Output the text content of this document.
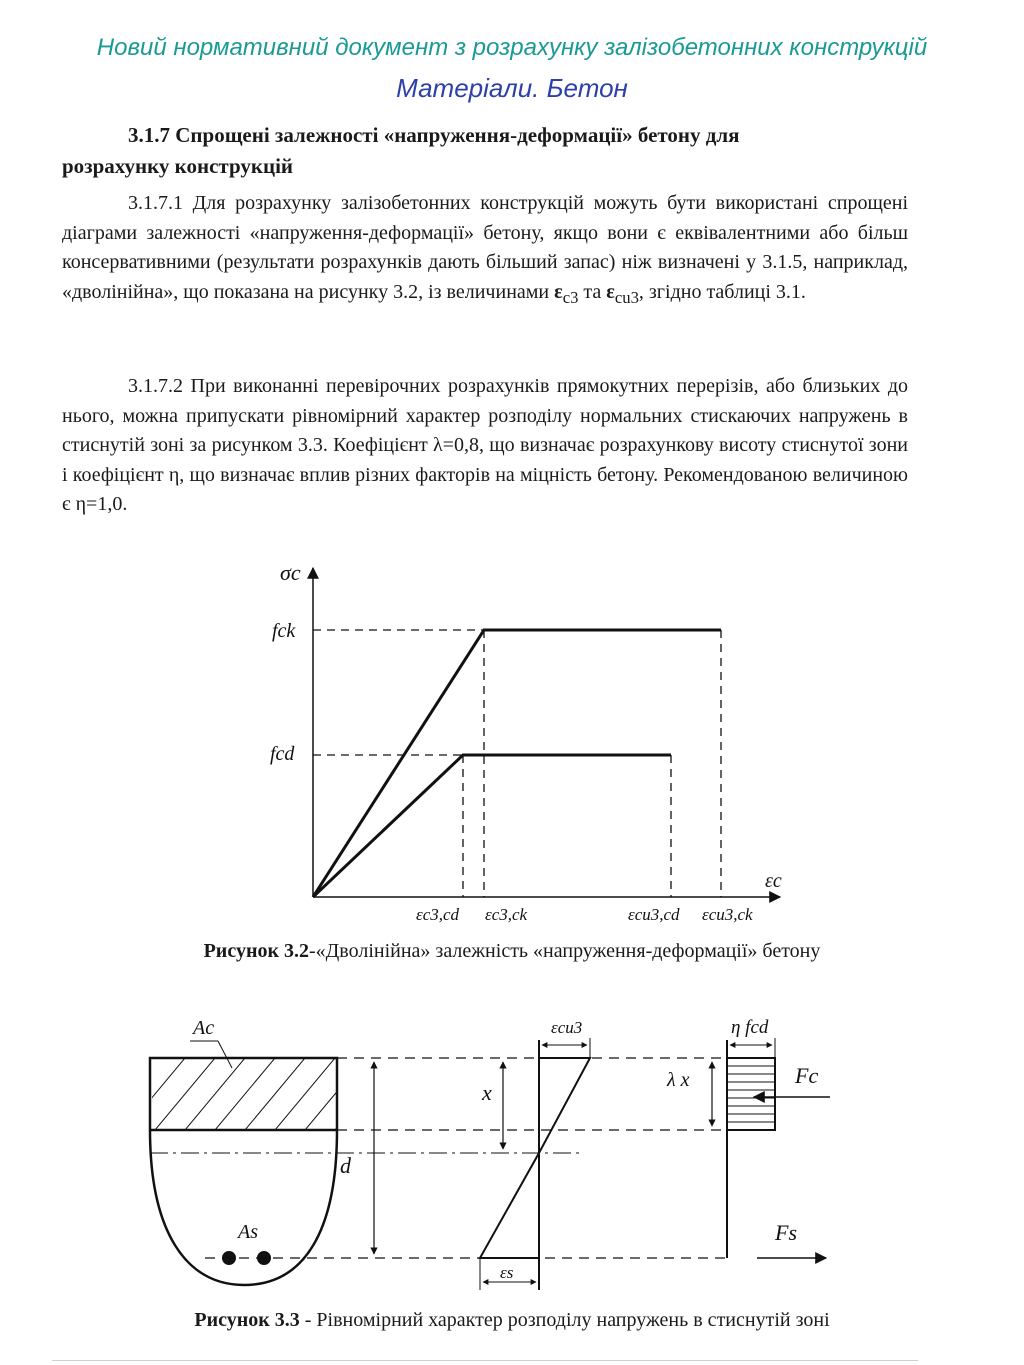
Новий нормативний документ з розрахунку залізобетонних конструкцій
Матеріали. Бетон
3.1.7 Спрощені залежності «напруження-деформації» бетону для
розрахунку конструкцій
3.1.7.1 Для розрахунку залізобетонних конструкцій можуть бути використані спрощені діаграми залежності «напруження-деформації» бетону, якщо вони є еквівалентними або більш консервативними (результати розрахунків дають більший запас) ніж визначені у 3.1.5, наприклад, «дволінійна», що показана на рисунку 3.2, із величинами $\varepsilon_{c3}$ та $\varepsilon_{cu3}$, згідно таблиці 3.1.
3.1.7.2 При виконанні перевірочних розрахунків прямокутних перерізів, або близьких до нього, можна припускати рівномірний характер розподілу нормальних стискаючих напружень в стиснутій зоні за рисунком 3.3. Коефіцієнт λ=0,8, що визначає розрахункову висоту стиснутої зони і коефіцієнт η, що визначає вплив різних факторів на міцність бетону. Рекомендованою величиною є η=1,0.
σc
εc
fck
fcd
εc3,cd εc3,ck	εcu3,cd εcu3,ck
Ac
As
d
x
εcu3
εs
η fcd
λ x	Fc
Fs
Рисунок 3.2-«Дволінійна» залежність «напруження-деформації» бетону
Рисунок 3.3 - Рівномірний характер розподілу напружень в стиснутій зоні
